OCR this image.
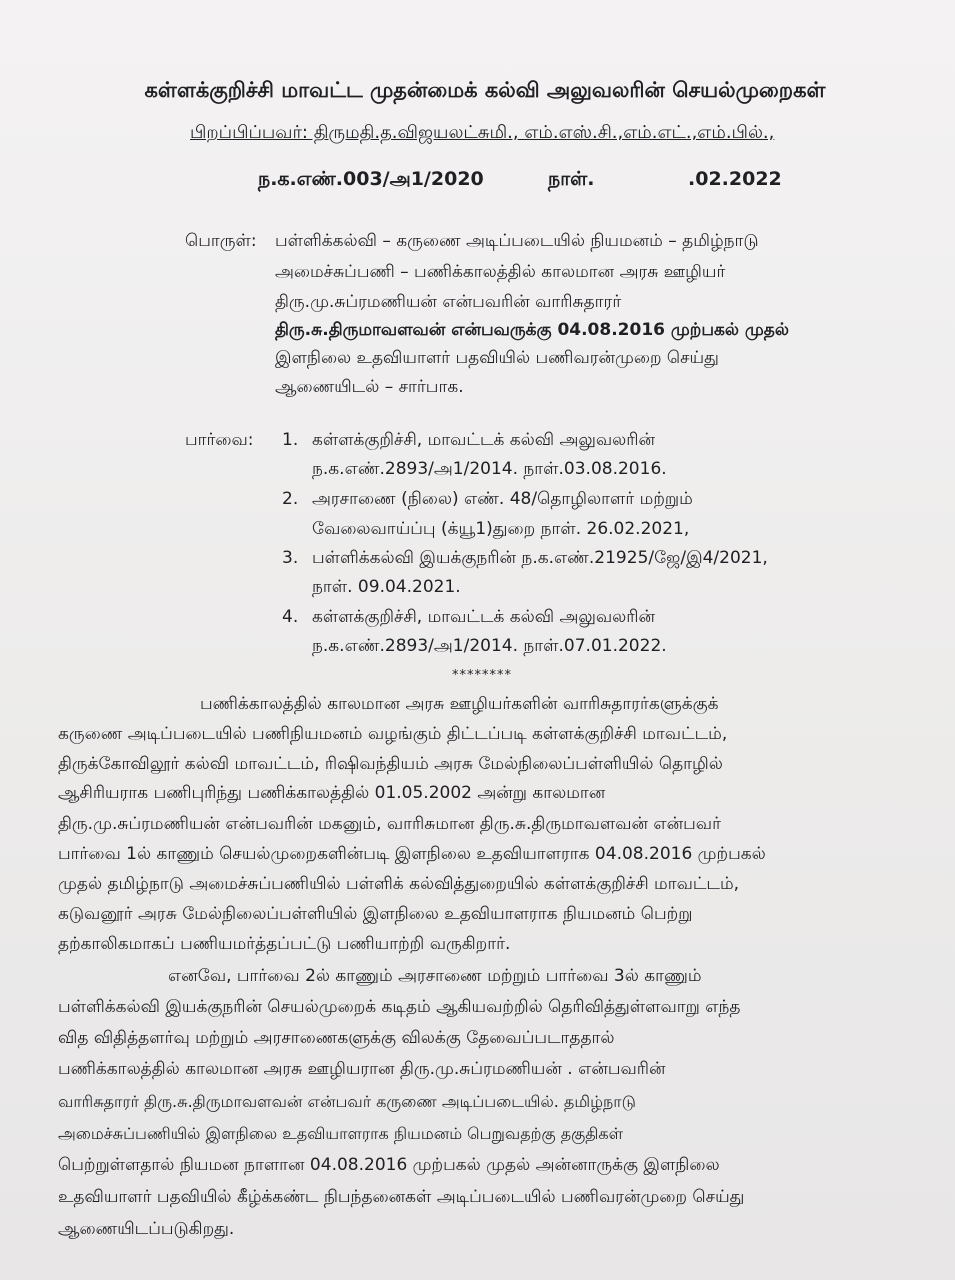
கள்ளக்குறிச்சி மாவட்ட முதன்மைக் கல்வி அலுவலரின் செயல்முறைகள்
பிறப்பிப்பவர்: திருமதி.த.விஜயலட்சுமி., எம்.எஸ்.சி.,எம்.எட்.,எம்.பில்.,
ந.க.எண்.003/அ1/2020	நாள்.	.02.2022
பொருள்: பள்ளிக்கல்வி – கருணை அடிப்படையில் நியமனம் – தமிழ்நாடு
அமைச்சுப்பணி – பணிக்காலத்தில் காலமான அரசு ஊழியர்
திரு.மு.சுப்ரமணியன் என்பவரின் வாரிசுதாரர்
திரு.சு.திருமாவளவன் என்பவருக்கு 04.08.2016 முற்பகல் முதல்
இளநிலை உதவியாளர் பதவியில் பணிவரன்முறை செய்து
ஆணையிடல் – சார்பாக.
பார்வை: 1. கள்ளக்குறிச்சி, மாவட்டக் கல்வி அலுவலரின்
ந.க.எண்.2893/அ1/2014. நாள்.03.08.2016.
2. அரசாணை (நிலை) எண். 48/தொழிலாளர் மற்றும்
வேலைவாய்ப்பு (க்யூ1)துறை நாள். 26.02.2021,
3. பள்ளிக்கல்வி இயக்குநரின் ந.க.எண்.21925/ஜே/இ4/2021,
நாள். 09.04.2021.
4. கள்ளக்குறிச்சி, மாவட்டக் கல்வி அலுவலரின்
ந.க.எண்.2893/அ1/2014. நாள்.07.01.2022.
********
பணிக்காலத்தில் காலமான அரசு ஊழியர்களின் வாரிசுதாரர்களுக்குக்
கருணை அடிப்படையில் பணிநியமனம் வழங்கும் திட்டப்படி கள்ளக்குறிச்சி மாவட்டம்,
திருக்கோவிலூர் கல்வி மாவட்டம், ரிஷிவந்தியம் அரசு மேல்நிலைப்பள்ளியில் தொழில்
ஆசிரியராக பணிபுரிந்து பணிக்காலத்தில் 01.05.2002 அன்று காலமான
திரு.மு.சுப்ரமணியன் என்பவரின் மகனும், வாரிசுமான திரு.சு.திருமாவளவன் என்பவர்
பார்வை 1ல் காணும் செயல்முறைகளின்படி இளநிலை உதவியாளராக 04.08.2016 முற்பகல்
முதல் தமிழ்நாடு அமைச்சுப்பணியில் பள்ளிக் கல்வித்துறையில் கள்ளக்குறிச்சி மாவட்டம்,
கடுவனூர் அரசு மேல்நிலைப்பள்ளியில் இளநிலை உதவியாளராக நியமனம் பெற்று
தற்காலிகமாகப் பணியமர்த்தப்பட்டு பணியாற்றி வருகிறார்.
எனவே, பார்வை 2ல் காணும் அரசாணை மற்றும் பார்வை 3ல் காணும்
பள்ளிக்கல்வி இயக்குநரின் செயல்முறைக் கடிதம் ஆகியவற்றில் தெரிவித்துள்ளவாறு எந்த
வித விதித்தளர்வு மற்றும் அரசாணைகளுக்கு விலக்கு தேவைப்படாததால்
பணிக்காலத்தில் காலமான அரசு ஊழியரான திரு.மு.சுப்ரமணியன் . என்பவரின்
வாரிசுதாரர் திரு.சு.திருமாவளவன் என்பவர் கருணை அடிப்படையில். தமிழ்நாடு
அமைச்சுப்பணியில் இளநிலை உதவியாளராக நியமனம் பெறுவதற்கு தகுதிகள்
பெற்றுள்ளதால் நியமன நாளான 04.08.2016 முற்பகல் முதல் அன்னாருக்கு இளநிலை
உதவியாளர் பதவியில் கீழ்க்கண்ட நிபந்தனைகள் அடிப்படையில் பணிவரன்முறை செய்து
ஆணையிடப்படுகிறது.
